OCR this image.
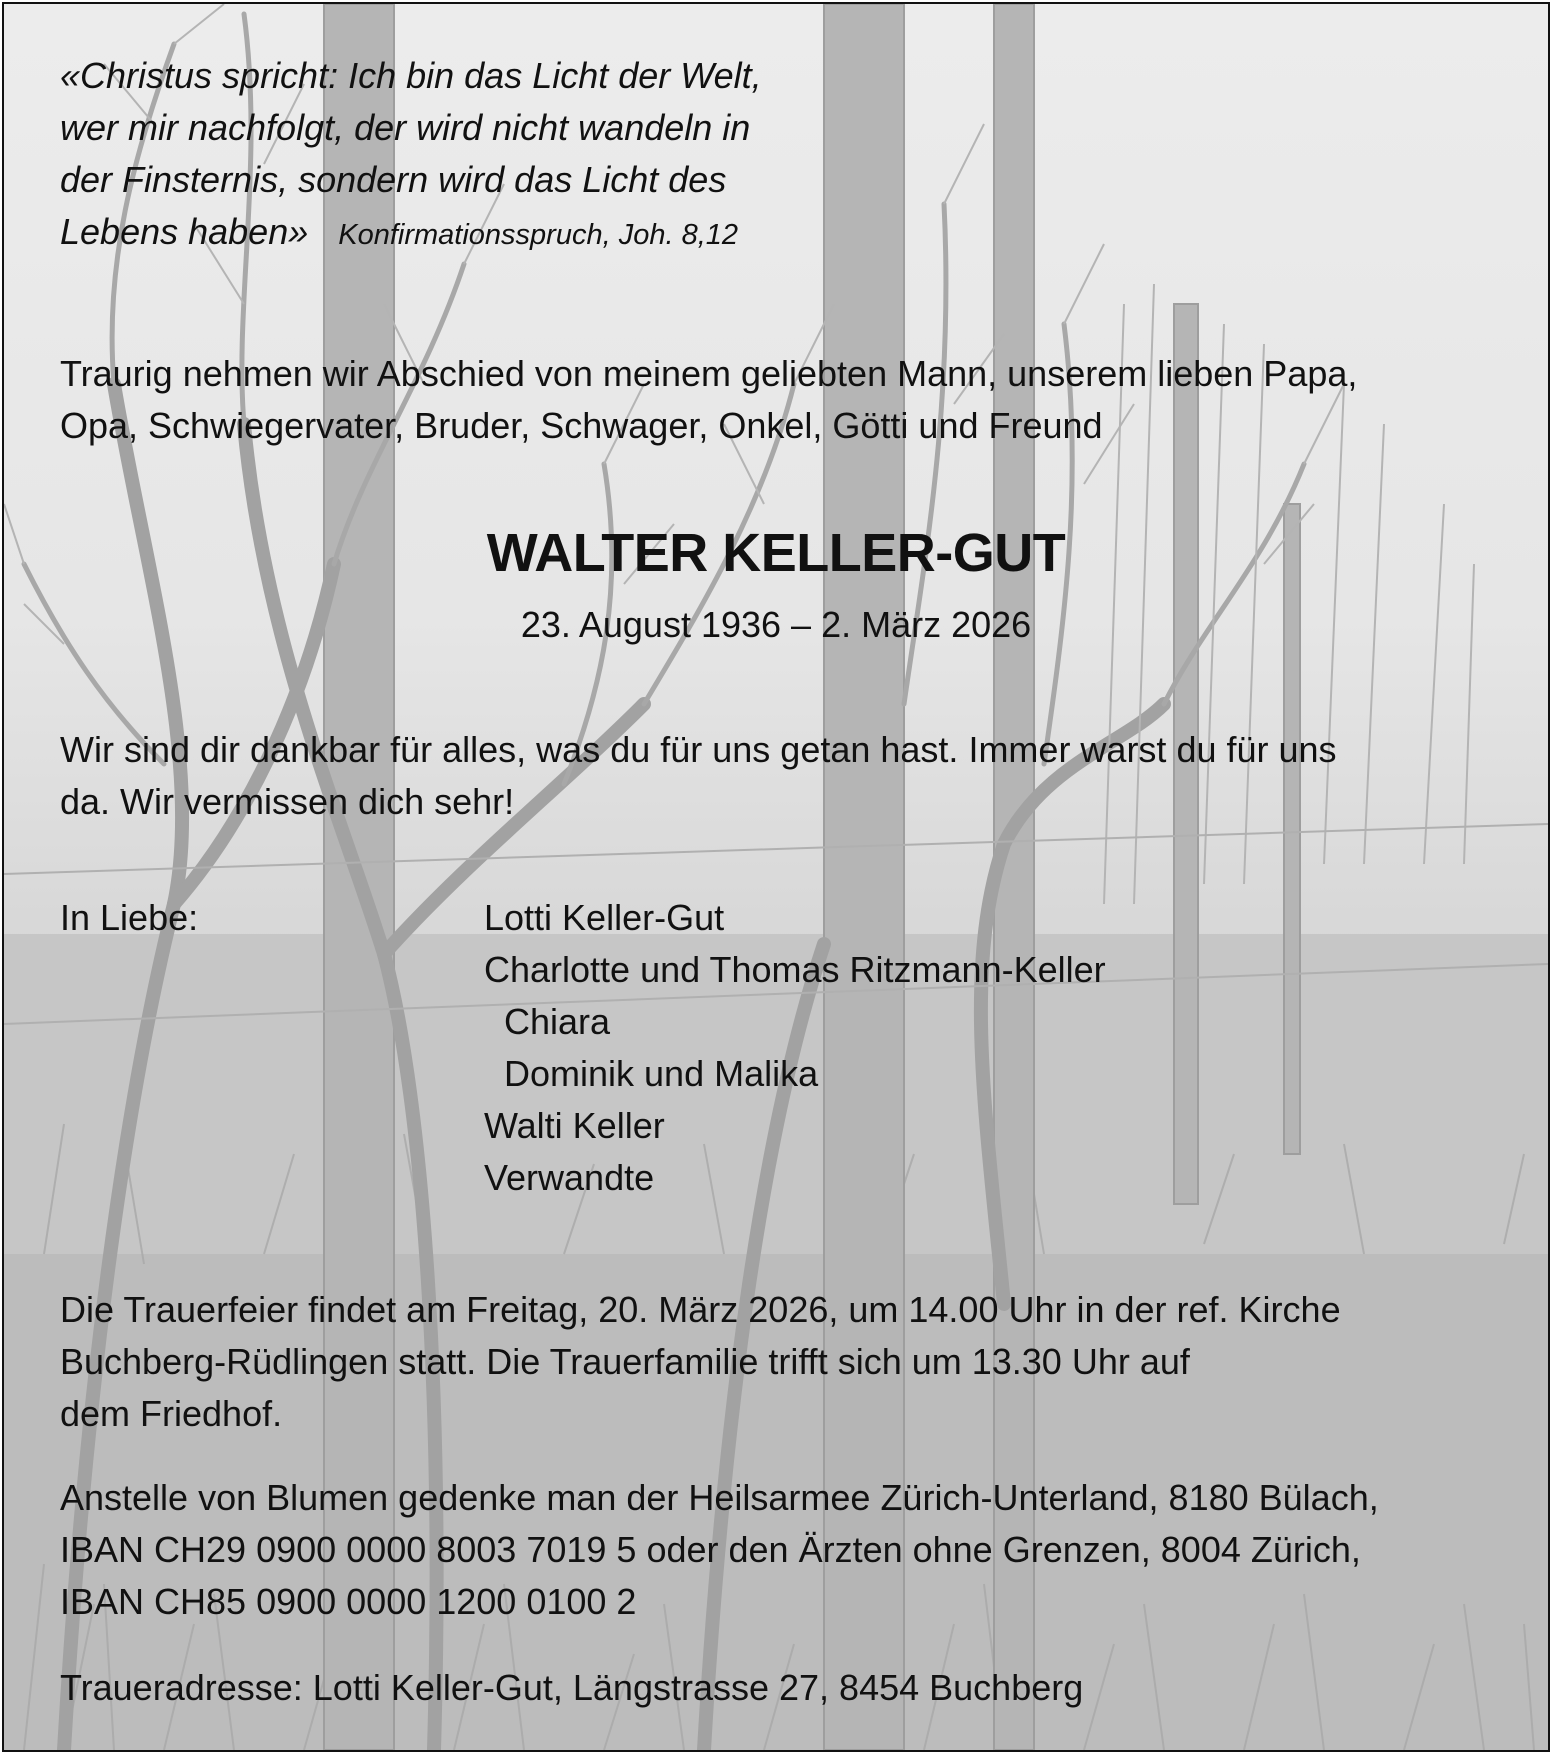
«Christus spricht: Ich bin das Licht der Welt,
wer mir nachfolgt, der wird nicht wandeln in
der Finsternis, sondern wird das Licht des
Lebens haben» Konfirmationsspruch, Joh. 8,12
Traurig nehmen wir Abschied von meinem geliebten Mann, unserem lieben Papa,
Opa, Schwiegervater, Bruder, Schwager, Onkel, Götti und Freund
WALTER KELLER-GUT
23. August 1936 – 2. März 2026
Wir sind dir dankbar für alles, was du für uns getan hast. Immer warst du für uns
da. Wir vermissen dich sehr!
In Liebe:	Lotti Keller-Gut
Charlotte und Thomas Ritzmann-Keller
Chiara
Dominik und Malika
Walti Keller
Verwandte
Die Trauerfeier findet am Freitag, 20. März 2026, um 14.00 Uhr in der ref. Kirche
Buchberg-Rüdlingen statt. Die Trauerfamilie trifft sich um 13.30 Uhr auf
dem Friedhof.
Anstelle von Blumen gedenke man der Heilsarmee Zürich-Unterland, 8180 Bülach,
IBAN CH29 0900 0000 8003 7019 5 oder den Ärzten ohne Grenzen, 8004 Zürich,
IBAN CH85 0900 0000 1200 0100 2
Traueradresse: Lotti Keller-Gut, Längstrasse 27, 8454 Buchberg
